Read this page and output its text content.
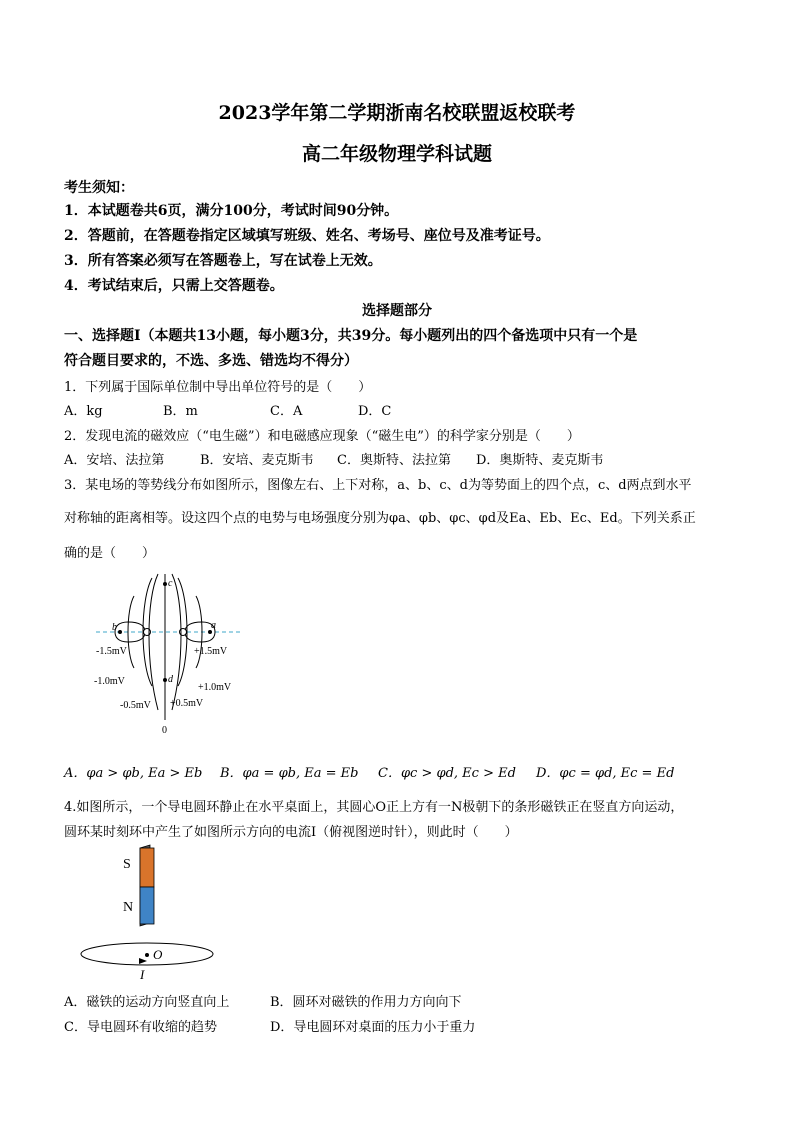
2023学年第二学期浙南名校联盟返校联考
高二年级物理学科试题
考生须知：
1．本试题卷共6页，满分100分，考试时间90分钟。
2．答题前，在答题卷指定区域填写班级、姓名、考场号、座位号及准考证号。
3．所有答案必须写在答题卷上，写在试卷上无效。
4．考试结束后，只需上交答题卷。
选择题部分
一、选择题Ⅰ（本题共13小题，每小题3分，共39分。每小题列出的四个备选项中只有一个是
符合题目要求的，不选、多选、错选均不得分）
1．下列属于国际单位制中导出单位符号的是（　　）
A．kg	B．m	C．A	D．C
2．发现电流的磁效应（“电生磁”）和电磁感应现象（“磁生电”）的科学家分别是（　　）
A．安培、法拉第	B．安培、麦克斯韦 C．奥斯特、法拉第 D．奥斯特、麦克斯韦
3．某电场的等势线分布如图所示，图像左右、上下对称，a、b、c、d为等势面上的四个点，c、d两点到水平
对称轴的距离相等。设这四个点的电势与电场强度分别为φa、φb、φc、φd及Ea、Eb、Ec、Ed。下列关系正
确的是（　　）
b	a
c
d
0
-1.5mV	+1.5mV
-1.0mV
+1.0mV
-0.5mV +0.5mV
A．φa > φb, Ea > Eb B．φa = φb, Ea = Eb C．φc > φd, Ec > Ed D．φc = φd, Ec = Ed
4.如图所示，一个导电圆环静止在水平桌面上，其圆心O正上方有一N极朝下的条形磁铁正在竖直方向运动，
圆环某时刻环中产生了如图所示方向的电流I（俯视图逆时针），则此时（　　）
S
N
O
I
A．磁铁的运动方向竖直向上	B．圆环对磁铁的作用力方向向下
C．导电圆环有收缩的趋势	D．导电圆环对桌面的压力小于重力
